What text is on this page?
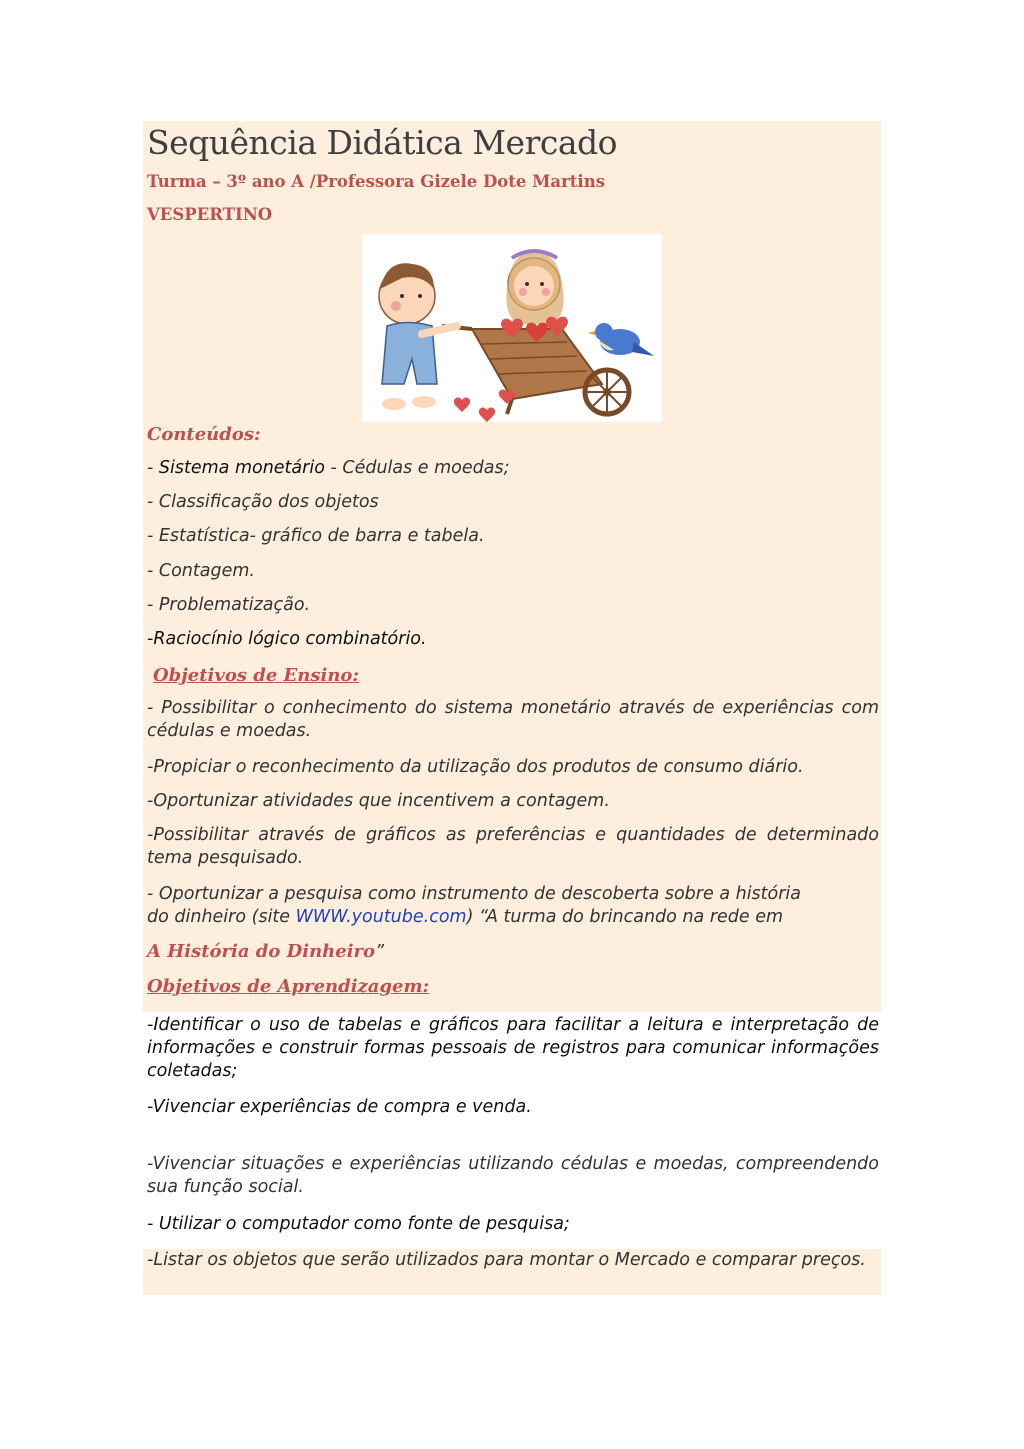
Sequência Didática Mercado
Turma – 3º ano A /Professora Gizele Dote Martins
VESPERTINO
Conteúdos:
- Sistema monetário - Cédulas e moedas;
- Classificação dos objetos
- Estatística- gráfico de barra e tabela.
- Contagem.
- Problematização.
-Raciocínio lógico combinatório.
Objetivos de Ensino:
- Possibilitar o conhecimento do sistema monetário através de experiências com cédulas e moedas.
-Propiciar o reconhecimento da utilização dos produtos de consumo diário.
-Oportunizar atividades que incentivem a contagem.
-Possibilitar através de gráficos as preferências e quantidades de determinado tema pesquisado.
- Oportunizar a pesquisa como instrumento de descoberta sobre a história
do dinheiro (site WWW.youtube.com) “A turma do brincando na rede em
A História do Dinheiro”
Objetivos de Aprendizagem:
-Identificar o uso de tabelas e gráficos para facilitar a leitura e interpretação de informações e construir formas pessoais de registros para comunicar informações coletadas;
-Vivenciar experiências de compra e venda.
-Vivenciar situações e experiências utilizando cédulas e moedas, compreendendo sua função social.
- Utilizar o computador como fonte de pesquisa;
-Listar os objetos que serão utilizados para montar o Mercado e comparar preços.
